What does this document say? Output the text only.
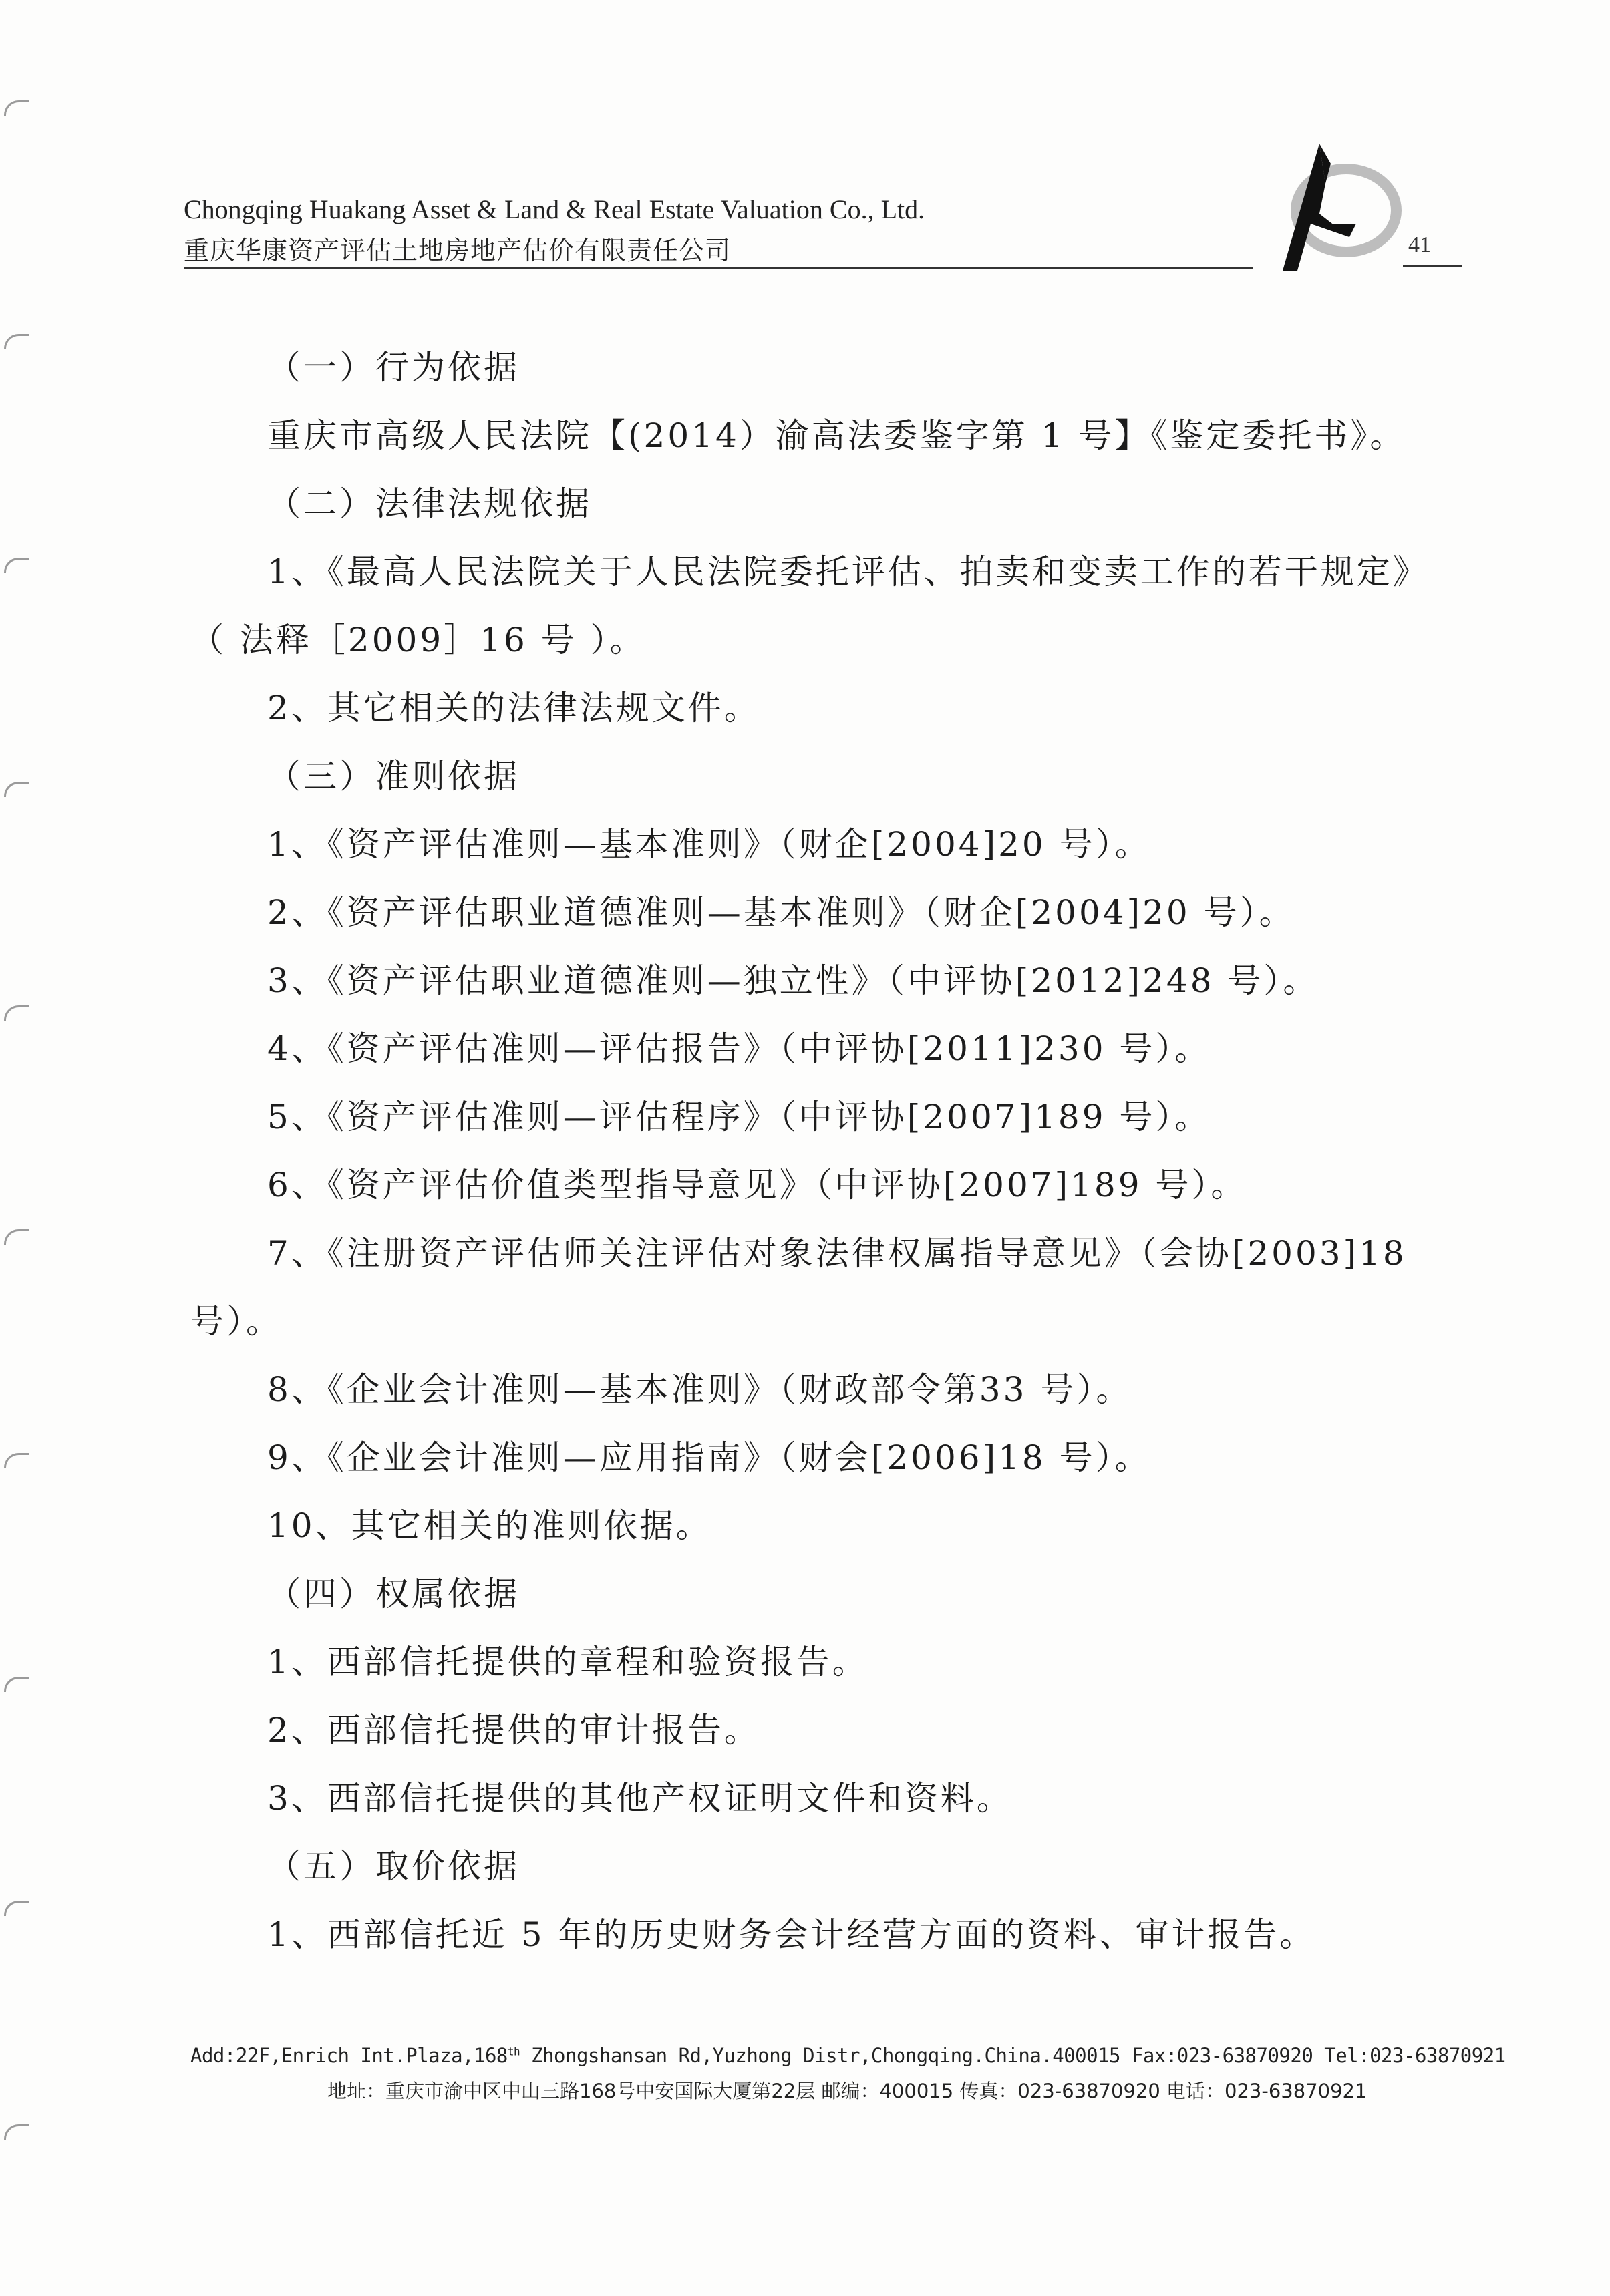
Chongqing Huakang Asset & Land & Real Estate Valuation Co., Ltd.
重庆华康资产评估土地房地产估价有限责任公司	41
（一）行为依据
重庆市高级人民法院【(2014）渝高法委鉴字第 1 号】《鉴定委托书》。
（二）法律法规依据
1、《最高人民法院关于人民法院委托评估、拍卖和变卖工作的若干规定》
（ 法释［2009］16 号 ）。
2、其它相关的法律法规文件。
（三）准则依据
1、《资产评估准则—基本准则》（财企[2004]20 号）。
2、《资产评估职业道德准则—基本准则》（财企[2004]20 号）。
3、《资产评估职业道德准则—独立性》（中评协[2012]248 号）。
4、《资产评估准则—评估报告》（中评协[2011]230 号）。
5、《资产评估准则—评估程序》（中评协[2007]189 号）。
6、《资产评估价值类型指导意见》（中评协[2007]189 号）。
7、《注册资产评估师关注评估对象法律权属指导意见》（会协[2003]18
号）。
8、《企业会计准则—基本准则》（财政部令第33 号）。
9、《企业会计准则—应用指南》（财会[2006]18 号）。
10、其它相关的准则依据。
（四）权属依据
1、西部信托提供的章程和验资报告。
2、西部信托提供的审计报告。
3、西部信托提供的其他产权证明文件和资料。
（五）取价依据
1、西部信托近 5 年的历史财务会计经营方面的资料、审计报告。
Add:22F,Enrich Int.Plaza,168th Zhongshansan Rd,Yuzhong Distr,Chongqing.China.400015 Fax:023-63870920 Tel:023-63870921
地址：重庆市渝中区中山三路168号中安国际大厦第22层 邮编：400015 传真：023-63870920 电话：023-63870921
